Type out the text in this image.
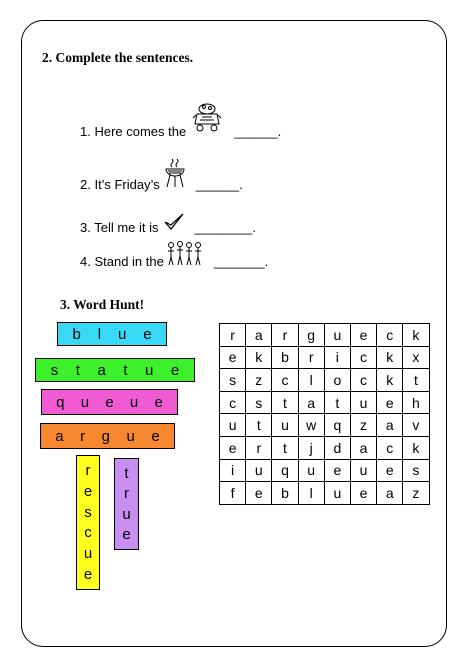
2. Complete the sentences.
1. Here comes the	______.
2. It’s Friday’s	______.
3. Tell me it is	________.
4. Stand in the	_______.
3. Word Hunt!
b l u e
s t a t u e
q u e u e
a r g u e
r
e
s
c
u
e
t
r
u
e
r	a	r	g	u	e	c	k
e	k	b	r	i	c	k	x
s	z	c	l	o	c	k	t
c	s	t	a	t	u	e	h
u	t	u	w	q	z	a	v
e	r	t	j	d	a	c	k
i	u	q	u	e	u	e	s
f	e	b	l	u	e	a	z
